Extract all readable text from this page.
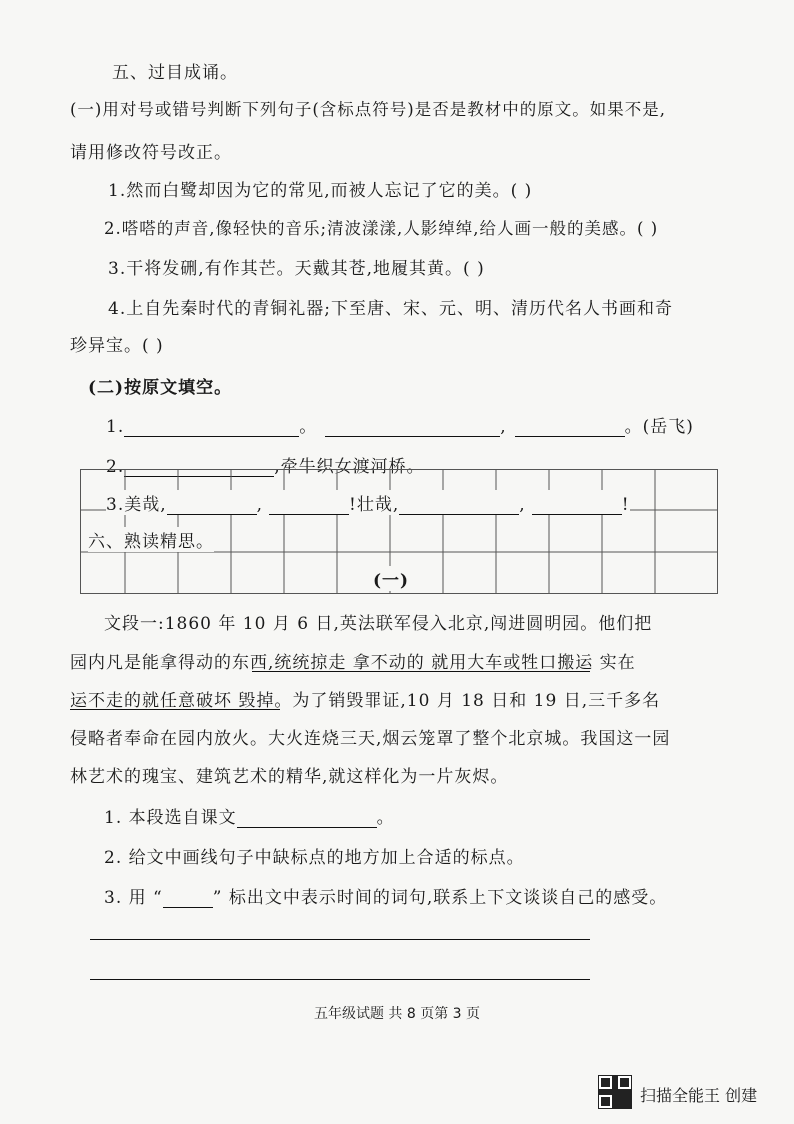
五、过目成诵。
(一)用对号或错号判断下列句子(含标点符号)是否是教材中的原文。如果不是,
请用修改符号改正。
1.然而白鹭却因为它的常见,而被人忘记了它的美。( )
2.嗒嗒的声音,像轻快的音乐;清波漾漾,人影绰绰,给人画一般的美感。( )
3.干将发硎,有作其芒。天戴其苍,地履其黄。( )
4.上自先秦时代的青铜礼器;下至唐、宋、元、明、清历代名人书画和奇
珍异宝。( )
(二)按原文填空。
1.	。	,	。(岳飞)
2.	,牵牛织女渡河桥。
3.美哉,	,	!壮哉,	,	!
六、熟读精思。
(一)
文段一:1860 年 10 月 6 日,英法联军侵入北京,闯进圆明园。他们把
园内凡是能拿得动的东西,统统掠走 拿不动的 就用大车或牲口搬运 实在
运不走的就任意破坏 毁掉。为了销毁罪证,10 月 18 日和 19 日,三千多名
侵略者奉命在园内放火。大火连烧三天,烟云笼罩了整个北京城。我国这一园
林艺术的瑰宝、建筑艺术的精华,就这样化为一片灰烬。
1. 本段选自课文	。
2. 给文中画线句子中缺标点的地方加上合适的标点。
3. 用 “	” 标出文中表示时间的词句,联系上下文谈谈自己的感受。
五年级试题 共 8 页第 3 页
扫描全能王 创建
